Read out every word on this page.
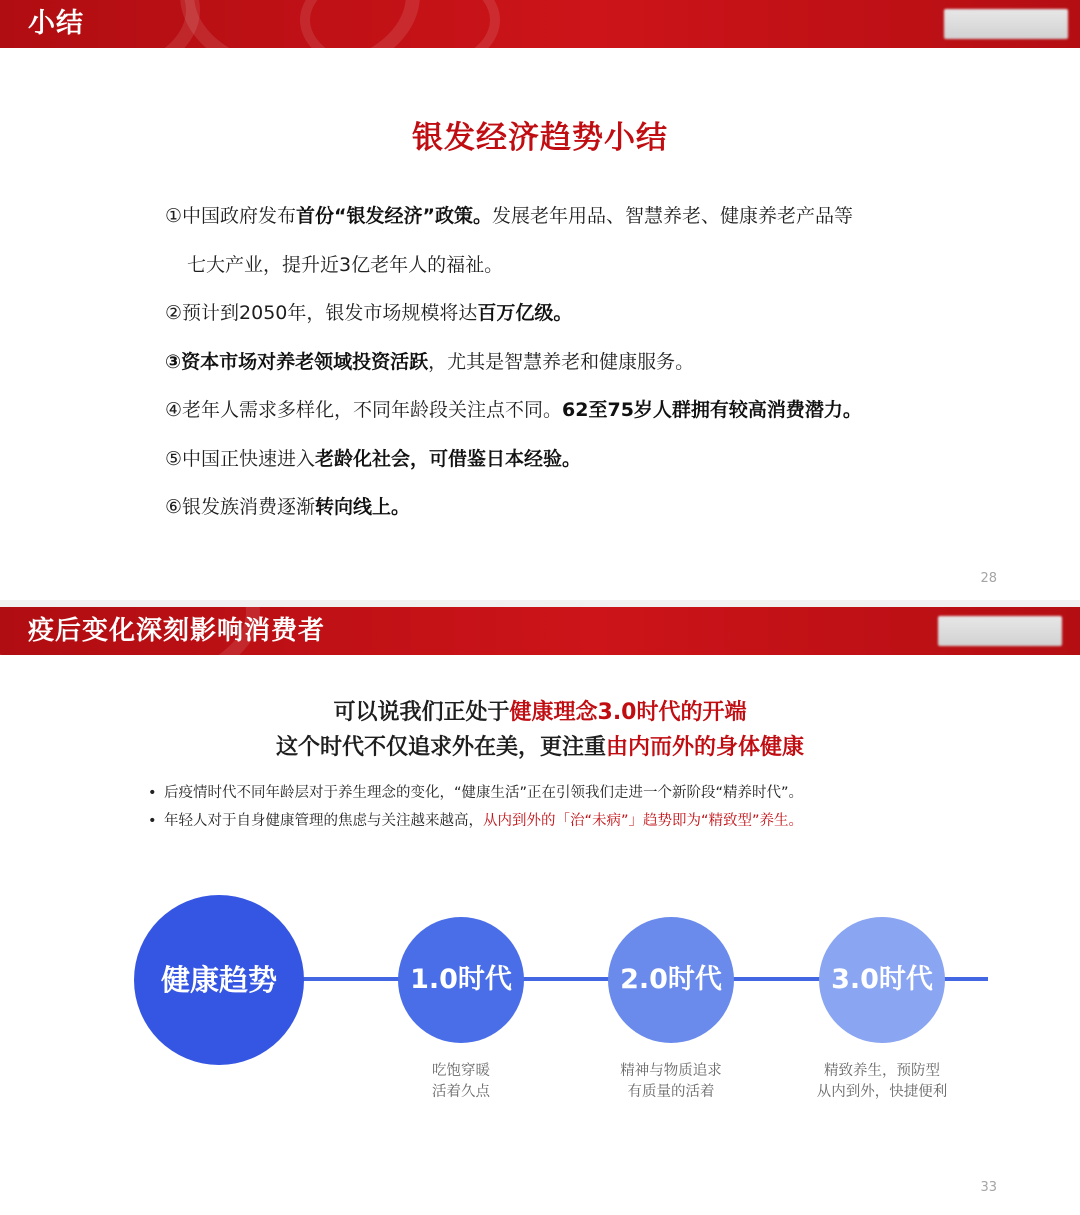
小结
银发经济趋势小结
①中国政府发布首份“银发经济”政策。发展老年用品、智慧养老、健康养老产品等
七大产业，提升近3亿老年人的福祉。
②预计到2050年，银发市场规模将达百万亿级。
③资本市场对养老领域投资活跃，尤其是智慧养老和健康服务。
④老年人需求多样化，不同年龄段关注点不同。62至75岁人群拥有较高消费潜力。
⑤中国正快速进入老龄化社会，可借鉴日本经验。
⑥银发族消费逐渐转向线上。
28
疫后变化深刻影响消费者
可以说我们正处于健康理念3.0时代的开端
这个时代不仅追求外在美，更注重由内而外的身体健康
• 后疫情时代不同年龄层对于养生理念的变化，“健康生活”正在引领我们走进一个新阶段“精养时代”。
• 年轻人对于自身健康管理的焦虑与关注越来越高，从内到外的「治“未病”」趋势即为“精致型”养生。
健康趋势	1.0时代	2.0时代	3.0时代
吃饱穿暖
活着久点
精神与物质追求
有质量的活着
精致养生，预防型
从内到外，快捷便利
33
